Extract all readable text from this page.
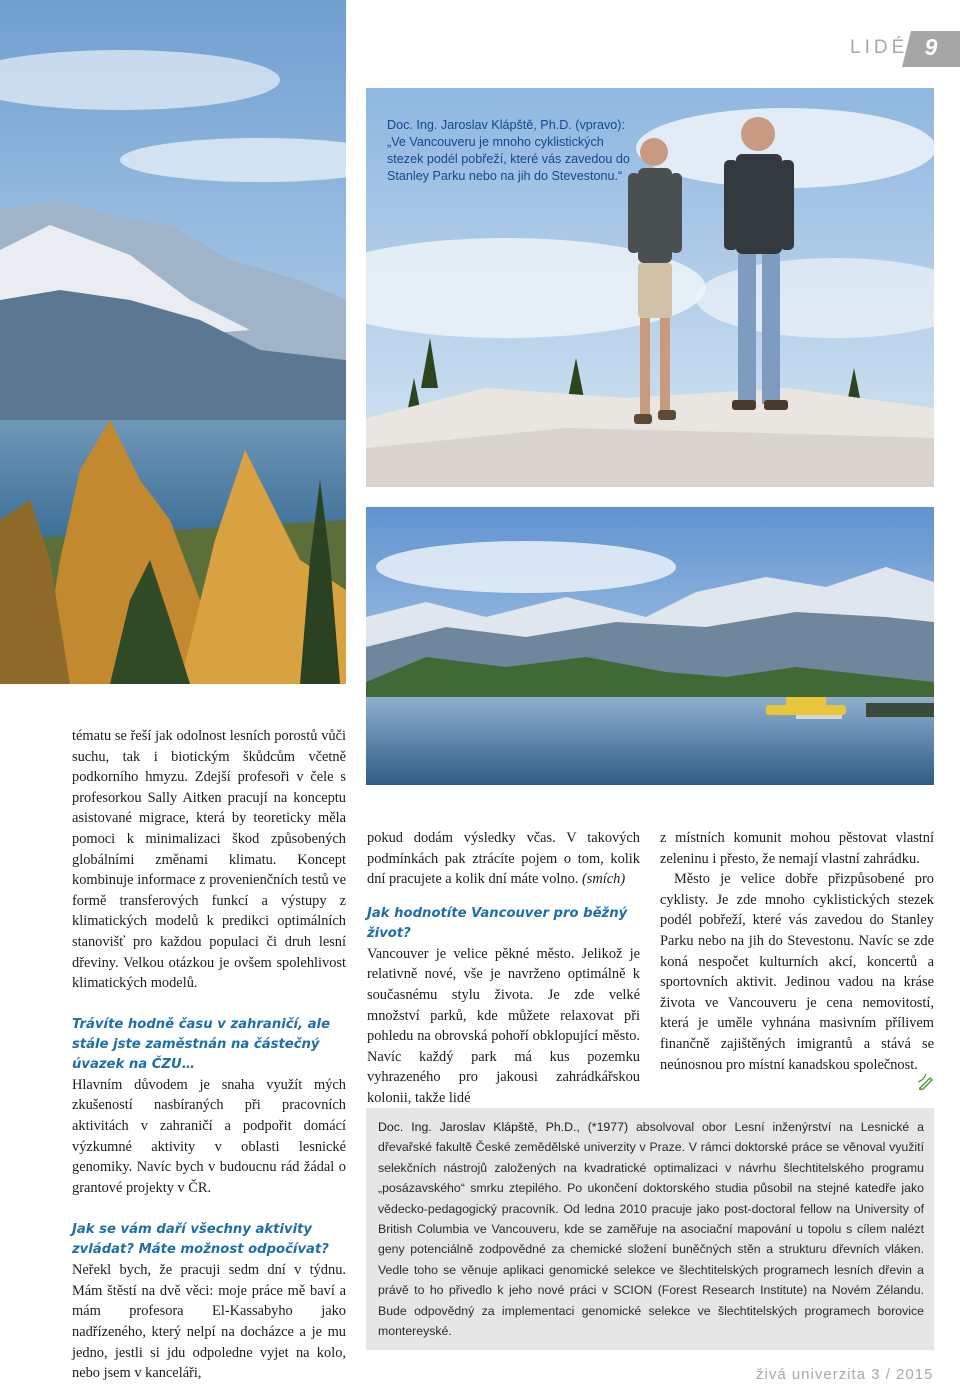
LIDÉ 9
Doc. Ing. Jaroslav Klápště, Ph.D. (vpravo): „Ve Vancouveru je mnoho cyklistických stezek podél pobřeží, které vás zavedou do Stanley Parku nebo na jih do Stevestonu.“

tématu se řeší jak odolnost lesních porostů vůči suchu, tak i biotickým škůdcům včetně podkorního hmyzu. Zdejší profesoři v čele s profesorkou Sally Aitken pracují na konceptu asistované migrace, která by teoreticky měla pomoci k minimalizaci škod způsobených globálními změnami klimatu. Koncept kombinuje informace z provenienčních testů ve formě transferových funkcí a výstupy z klimatických modelů k predikci optimálních stanovišť pro každou populaci či druh lesní dřeviny. Velkou otázkou je ovšem spolehlivost klimatických modelů.

Trávíte hodně času v zahraničí, ale stále jste zaměstnán na částečný úvazek na ČZU…

Hlavním důvodem je snaha využít mých zkušeností nasbíraných při pracovních aktivitách v zahraničí a podpořit domácí výzkumné aktivity v oblasti lesnické genomiky. Navíc bych v budoucnu rád žádal o grantové projekty v ČR.

Jak se vám daří všechny aktivity zvládat? Máte možnost odpočívat?

Neřekl bych, že pracuji sedm dní v týdnu. Mám štěstí na dvě věci: moje práce mě baví a mám profesora El-Kassabyho jako nadřízeného, který nelpí na docházce a je mu jedno, jestli si jdu odpoledne vyjet na kolo, nebo jsem v kanceláři,

pokud dodám výsledky včas. V takových podmínkách pak ztrácíte pojem o tom, kolik dní pracujete a kolik dní máte volno. (smích)

Jak hodnotíte Vancouver pro běžný život?

Vancouver je velice pěkné město. Jelikož je relativně nové, vše je navrženo optimálně k současnému stylu života. Je zde velké množství parků, kde můžete relaxovat při pohledu na obrovská pohoří obklopující město. Navíc každý park má kus pozemku vyhrazeného pro jakousi zahrádkářskou kolonii, takže lidé

z místních komunit mohou pěstovat vlastní zeleninu i přesto, že nemají vlastní zahrádku.

Město je velice dobře přizpůsobené pro cyklisty. Je zde mnoho cyklistických stezek podél pobřeží, které vás zavedou do Stanley Parku nebo na jih do Stevestonu. Navíc se zde koná nespočet kulturních akcí, koncertů a sportovních aktivit. Jedinou vadou na kráse života ve Vancouveru je cena nemovitostí, která je uměle vyhnána masivním přílivem finančně zajištěných imigrantů a stává se neúnosnou pro místní kanadskou společnost.

Doc. Ing. Jaroslav Klápště, Ph.D., (*1977) absolvoval obor Lesní inženýrství na Lesnické a dřevařské fakultě České zemědělské univerzity v Praze. V rámci doktorské práce se věnoval využití selekčních nástrojů založených na kvadratické optimalizaci v návrhu šlechtitelského programu „posázavského“ smrku ztepilého. Po ukončení doktorského studia působil na stejné katedře jako vědecko-pedagogický pracovník. Od ledna 2010 pracuje jako post-doctoral fellow na University of British Columbia ve Vancouveru, kde se zaměřuje na asociační mapování u topolu s cílem nalézt geny potenciálně zodpovědné za chemické složení buněčných stěn a strukturu dřevních vláken. Vedle toho se věnuje aplikaci genomické selekce ve šlechtitelských programech lesních dřevin a právě to ho přivedlo k jeho nové práci v SCION (Forest Research Institute) na Novém Zélandu. Bude odpovědný za implementaci genomické selekce ve šlechtitelských programech borovice montereyské.
živá univerzita 3 / 2015
